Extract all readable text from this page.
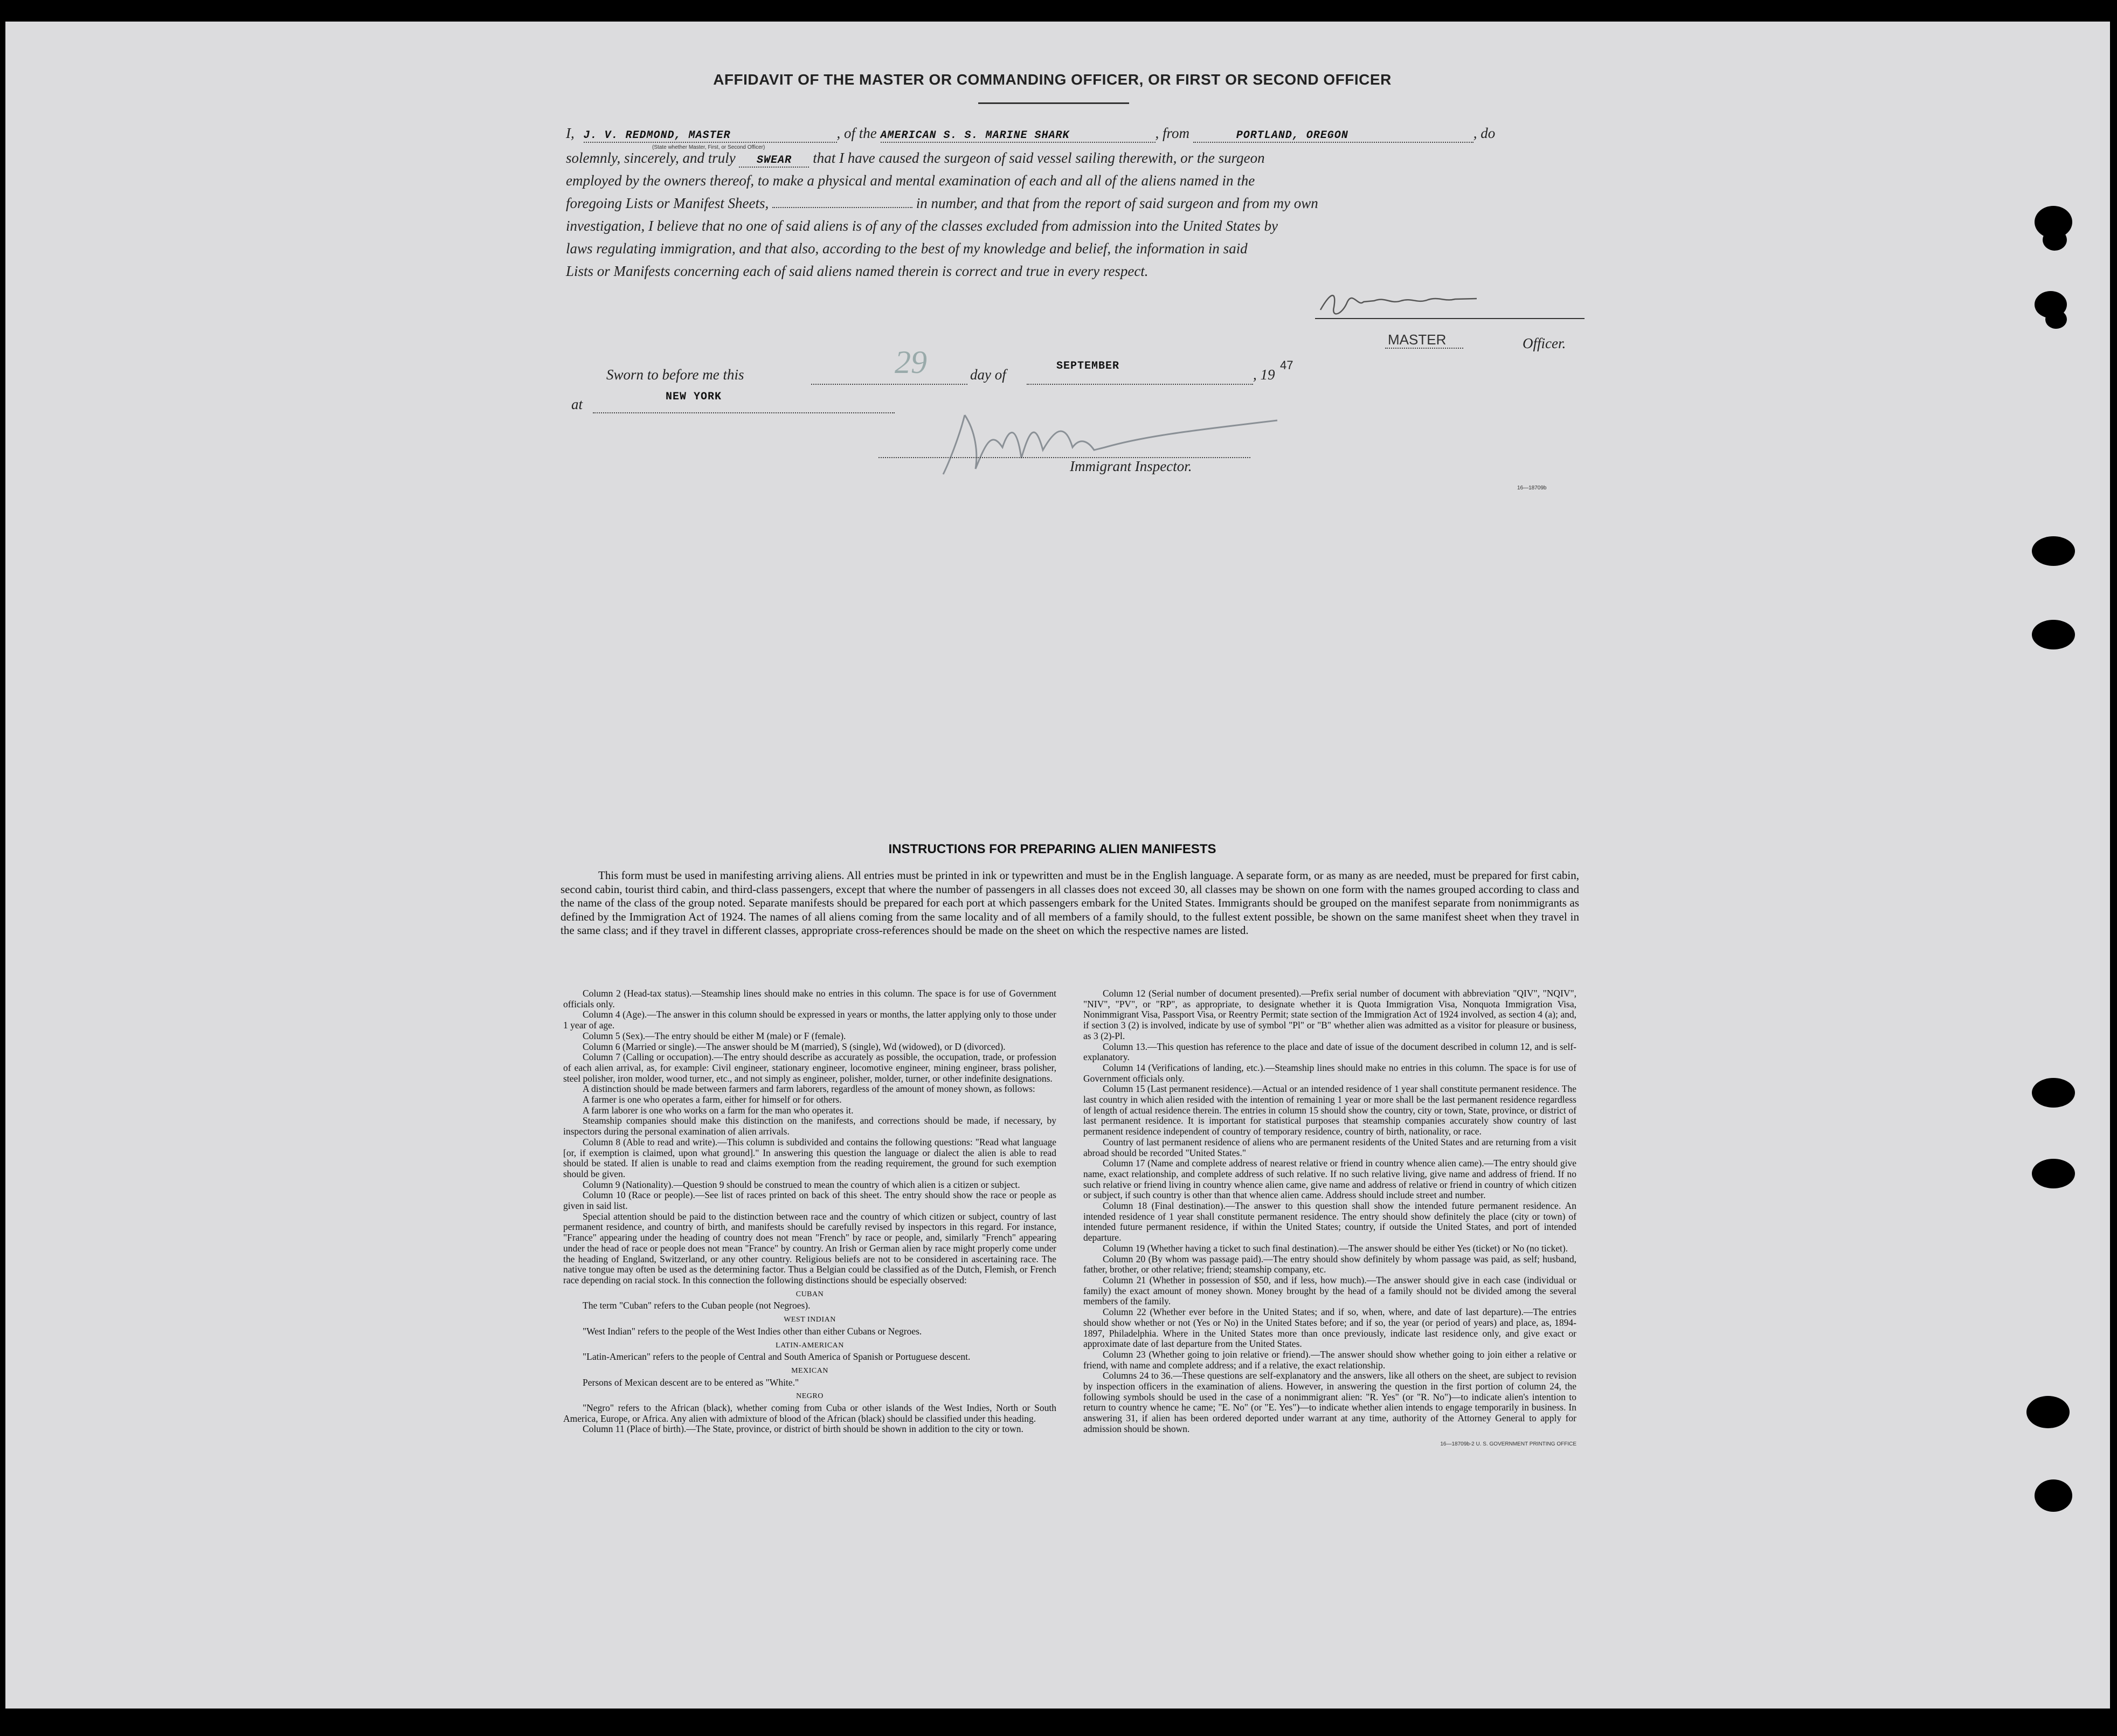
AFFIDAVIT OF THE MASTER OR COMMANDING OFFICER, OR FIRST OR SECOND OFFICER
I, J. V. REDMOND, MASTER	, of the AMERICAN S. S. MARINE SHARK	, from	PORTLAND, OREGON	, do
(State whether Master, First, or Second Officer)
solemnly, sincerely, and truly SWEAR that I have caused the surgeon of said vessel sailing therewith, or the surgeon
employed by the owners thereof, to make a physical and mental examination of each and all of the aliens named in the
foregoing Lists or Manifest Sheets,	in number, and that from the report of said surgeon and from my own
investigation, I believe that no one of said aliens is of any of the classes excluded from admission into the United States by
laws regulating immigration, and that also, according to the best of my knowledge and belief, the information in said
Lists or Manifests concerning each of said aliens named therein is correct and true in every respect.
MASTER	Officer.
Sworn to before me this	29	day of
SEPTEMBER
, 19
47
at	NEW YORK
Immigrant Inspector.
16—18709b
INSTRUCTIONS FOR PREPARING ALIEN MANIFESTS
This form must be used in manifesting arriving aliens. All entries must be printed in ink or typewritten and must be in the English language. A separate form, or as many as are needed, must be prepared for first cabin, second cabin, tourist third cabin, and third-class passengers, except that where the number of passengers in all classes does not exceed 30, all classes may be shown on one form with the names grouped according to class and the name of the class of the group noted. Separate manifests should be prepared for each port at which passengers embark for the United States. Immigrants should be grouped on the manifest separate from nonimmigrants as defined by the Immigration Act of 1924. The names of all aliens coming from the same locality and of all members of a family should, to the fullest extent possible, be shown on the same manifest sheet when they travel in the same class; and if they travel in different classes, appropriate cross-references should be made on the sheet on which the respective names are listed.

Column 2 (Head-tax status).—Steamship lines should make no entries in this column. The space is for use of Government officials only.

Column 4 (Age).—The answer in this column should be expressed in years or months, the latter applying only to those under 1 year of age.

Column 5 (Sex).—The entry should be either M (male) or F (female).

Column 6 (Married or single).—The answer should be M (married), S (single), Wd (widowed), or D (divorced).

Column 7 (Calling or occupation).—The entry should describe as accurately as possible, the occupation, trade, or profession of each alien arrival, as, for example: Civil engineer, stationary engineer, locomotive engineer, mining engineer, brass polisher, steel polisher, iron molder, wood turner, etc., and not simply as engineer, polisher, molder, turner, or other indefinite designations.

A distinction should be made between farmers and farm laborers, regardless of the amount of money shown, as follows:

A farmer is one who operates a farm, either for himself or for others.

A farm laborer is one who works on a farm for the man who operates it.

Steamship companies should make this distinction on the manifests, and corrections should be made, if necessary, by inspectors during the personal examination of alien arrivals.

Column 8 (Able to read and write).—This column is subdivided and contains the following questions: "Read what language [or, if exemption is claimed, upon what ground]." In answering this question the language or dialect the alien is able to read should be stated. If alien is unable to read and claims exemption from the reading requirement, the ground for such exemption should be given.

Column 9 (Nationality).—Question 9 should be construed to mean the country of which alien is a citizen or subject.

Column 10 (Race or people).—See list of races printed on back of this sheet. The entry should show the race or people as given in said list.

Special attention should be paid to the distinction between race and the country of which citizen or subject, country of last permanent residence, and country of birth, and manifests should be carefully revised by inspectors in this regard. For instance, "France" appearing under the heading of country does not mean "French" by race or people, and, similarly "French" appearing under the head of race or people does not mean "France" by country. An Irish or German alien by race might properly come under the heading of England, Switzerland, or any other country. Religious beliefs are not to be considered in ascertaining race. The native tongue may often be used as the determining factor. Thus a Belgian could be classified as of the Dutch, Flemish, or French race depending on racial stock. In this connection the following distinctions should be especially observed:

CUBAN

The term "Cuban" refers to the Cuban people (not Negroes).

WEST INDIAN

"West Indian" refers to the people of the West Indies other than either Cubans or Negroes.

LATIN-AMERICAN

"Latin-American" refers to the people of Central and South America of Spanish or Portuguese descent.

MEXICAN

Persons of Mexican descent are to be entered as "White."

NEGRO

"Negro" refers to the African (black), whether coming from Cuba or other islands of the West Indies, North or South America, Europe, or Africa. Any alien with admixture of blood of the African (black) should be classified under this heading.

Column 11 (Place of birth).—The State, province, or district of birth should be shown in addition to the city or town.

Column 12 (Serial number of document presented).—Prefix serial number of document with abbreviation "QIV", "NQIV", "NIV", "PV", or "RP", as appropriate, to designate whether it is Quota Immigration Visa, Nonquota Immigration Visa, Nonimmigrant Visa, Passport Visa, or Reentry Permit; state section of the Immigration Act of 1924 involved, as section 4 (a); and, if section 3 (2) is involved, indicate by use of symbol "Pl" or "B" whether alien was admitted as a visitor for pleasure or business, as 3 (2)-Pl.

Column 13.—This question has reference to the place and date of issue of the document described in column 12, and is self-explanatory.

Column 14 (Verifications of landing, etc.).—Steamship lines should make no entries in this column. The space is for use of Government officials only.

Column 15 (Last permanent residence).—Actual or an intended residence of 1 year shall constitute permanent residence. The last country in which alien resided with the intention of remaining 1 year or more shall be the last permanent residence regardless of length of actual residence therein. The entries in column 15 should show the country, city or town, State, province, or district of last permanent residence. It is important for statistical purposes that steamship companies accurately show country of last permanent residence independent of country of temporary residence, country of birth, nationality, or race.

Country of last permanent residence of aliens who are permanent residents of the United States and are returning from a visit abroad should be recorded "United States."

Column 17 (Name and complete address of nearest relative or friend in country whence alien came).—The entry should give name, exact relationship, and complete address of such relative. If no such relative living, give name and address of friend. If no such relative or friend living in country whence alien came, give name and address of relative or friend in country of which citizen or subject, if such country is other than that whence alien came. Address should include street and number.

Column 18 (Final destination).—The answer to this question shall show the intended future permanent residence. An intended residence of 1 year shall constitute permanent residence. The entry should show definitely the place (city or town) of intended future permanent residence, if within the United States; country, if outside the United States, and port of intended departure.

Column 19 (Whether having a ticket to such final destination).—The answer should be either Yes (ticket) or No (no ticket).

Column 20 (By whom was passage paid).—The entry should show definitely by whom passage was paid, as self; husband, father, brother, or other relative; friend; steamship company, etc.

Column 21 (Whether in possession of $50, and if less, how much).—The answer should give in each case (individual or family) the exact amount of money shown. Money brought by the head of a family should not be divided among the several members of the family.

Column 22 (Whether ever before in the United States; and if so, when, where, and date of last departure).—The entries should show whether or not (Yes or No) in the United States before; and if so, the year (or period of years) and place, as, 1894-1897, Philadelphia. Where in the United States more than once previously, indicate last residence only, and give exact or approximate date of last departure from the United States.

Column 23 (Whether going to join relative or friend).—The answer should show whether going to join either a relative or friend, with name and complete address; and if a relative, the exact relationship.

Columns 24 to 36.—These questions are self-explanatory and the answers, like all others on the sheet, are subject to revision by inspection officers in the examination of aliens. However, in answering the question in the first portion of column 24, the following symbols should be used in the case of a nonimmigrant alien: "R. Yes" (or "R. No")—to indicate alien's intention to return to country whence he came; "E. No" (or "E. Yes")—to indicate whether alien intends to engage temporarily in business. In answering 31, if alien has been ordered deported under warrant at any time, authority of the Attorney General to apply for admission should be shown.

16—18709b-2 U. S. GOVERNMENT PRINTING OFFICE
